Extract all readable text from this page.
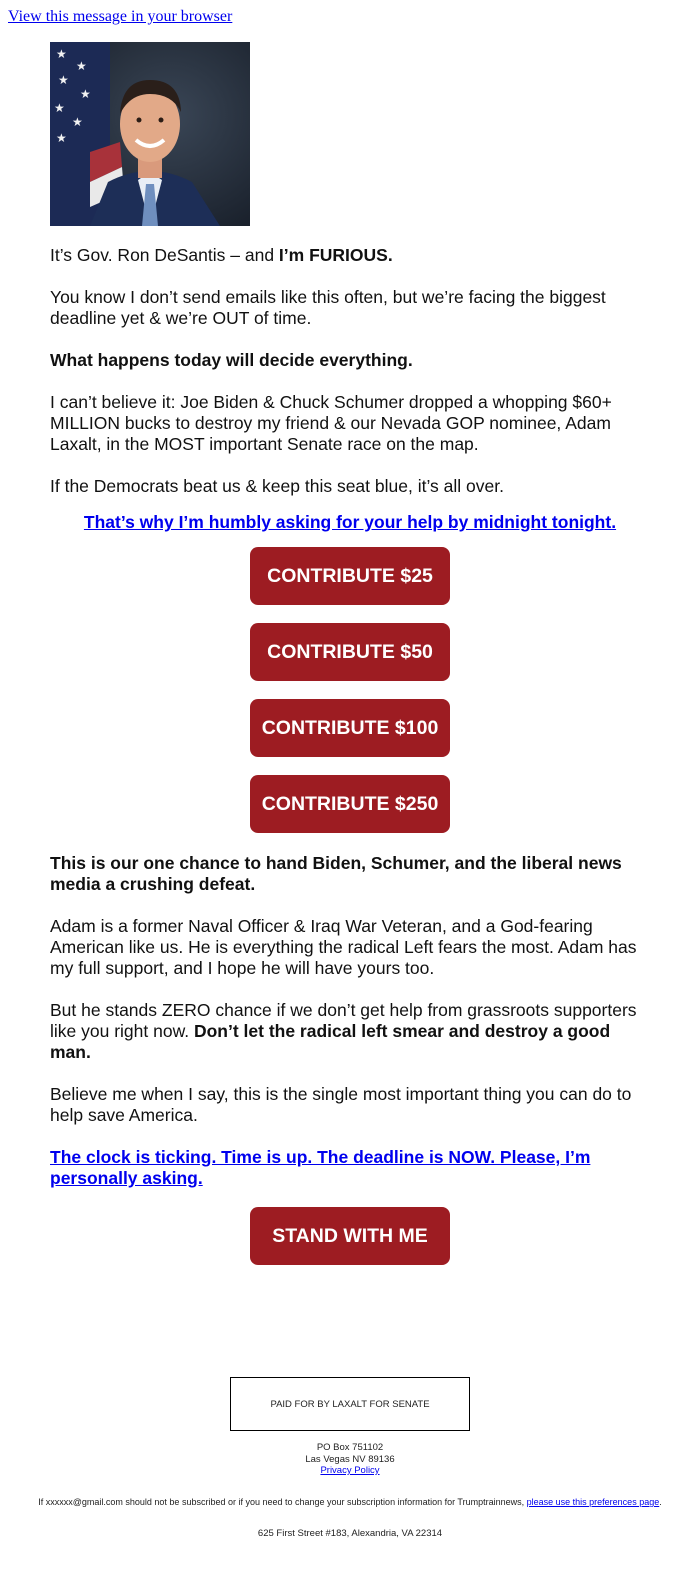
View this message in your browser
★
★
★
★
★
★
★

It’s Gov. Ron DeSantis – and I’m FURIOUS.

You know I don’t send emails like this often, but we’re facing the biggest deadline yet & we’re OUT of time.

What happens today will decide everything.

I can’t believe it: Joe Biden & Chuck Schumer dropped a whopping $60+ MILLION bucks to destroy my friend & our Nevada GOP nominee, Adam Laxalt, in the MOST important Senate race on the map.

If the Democrats beat us & keep this seat blue, it’s all over.

That’s why I’m humbly asking for your help by midnight tonight.
CONTRIBUTE $25
CONTRIBUTE $50
CONTRIBUTE $100
CONTRIBUTE $250

This is our one chance to hand Biden, Schumer, and the liberal news media a crushing defeat.

Adam is a former Naval Officer & Iraq War Veteran, and a God-fearing American like us. He is everything the radical Left fears the most. Adam has my full support, and I hope he will have yours too.

But he stands ZERO chance if we don’t get help from grassroots supporters like you right now. Don’t let the radical left smear and destroy a good man.

Believe me when I say, this is the single most important thing you can do to help save America.

The clock is ticking. Time is up. The deadline is NOW. Please, I’m personally asking.

STAND WITH ME
PAID FOR BY LAXALT FOR SENATE
PO Box 751102
Las Vegas NV 89136
Privacy Policy
If xxxxxx@gmail.com should not be subscribed or if you need to change your subscription information for Trumptrainnews, please use this preferences page.
625 First Street #183, Alexandria, VA 22314
